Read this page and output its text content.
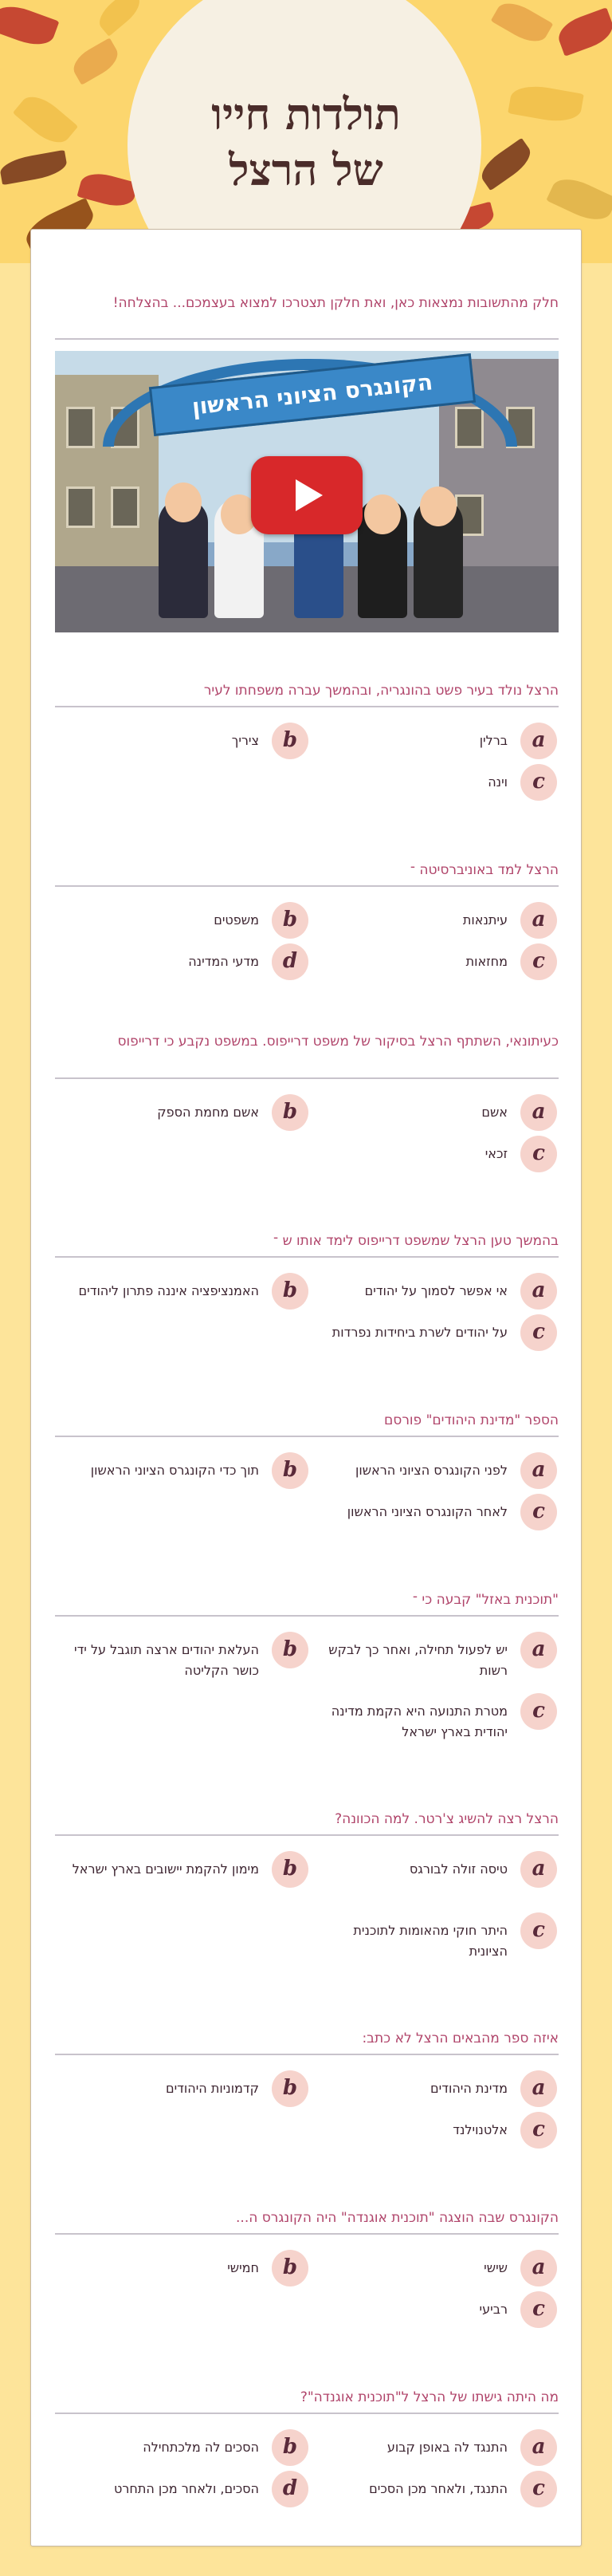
תולדות חייו
של הרצל

חלק מהתשובות נמצאות כאן, ואת חלקן תצטרכו למצוא בעצמכם... בהצלחה!

הקונגרס הציוני הראשון
הרצל נולד בעיר פשט בהונגריה, ובהמשך עברה משפחתו לעיר
a
ברלין
b
ציריך
c
וינה
הרצל למד באוניברסיטה ־
a
עיתנאות
b
משפטים
c
מחזאות
d
מדעי המדינה
כעיתונאי, השתתף הרצל בסיקור של משפט דרייפוס. במשפט נקבע כי דרייפוס
a
אשם
b
אשם מחמת הספק
c
זכאי
בהמשך טען הרצל שמשפט דרייפוס לימד אותו ש ־
a
אי אפשר לסמוך על יהודים
b
האמנציפציה איננה פתרון ליהודים
c
על יהודים לשרת ביחידות נפרדות
הספר "מדינת היהודים" פורסם
a
לפני הקונגרס הציוני הראשון
b
תוך כדי הקונגרס הציוני הראשון
c
לאחר הקונגרס הציוני הראשון
"תוכנית באזל" קבעה כי ־
a
יש לפעול תחילה, ואחר כך לבקש רשות
b
העלאת יהודים ארצה תוגבל על ידי כושר הקליטה
c
מטרת התנועה היא הקמת מדינה יהודית בארץ ישראל
הרצל רצה להשיג צ'רטר. למה הכוונה?
a
טיסה זולה לבורגס
b
מימון להקמת יישובים בארץ ישראל
c
היתר חוקי מהאומות לתוכנית הציונית
איזה ספר מהבאים הרצל לא כתב:
a
מדינת היהודים
b
קדמוניות היהודים
c
אלטנוילנד
הקונגרס שבה הוצגה "תוכנית אוגנדה" היה הקונגרס ה...
a
שישי
b
חמישי
c
רביעי
מה היתה גישתו של הרצל ל"תוכנית אוגנדה"?
a
התנגד לה באופן קבוע
b
הסכים לה מלכתחילה
c
התנגד, ולאחר מכן הסכים
d
הסכים, ולאחר מכן התחרט
